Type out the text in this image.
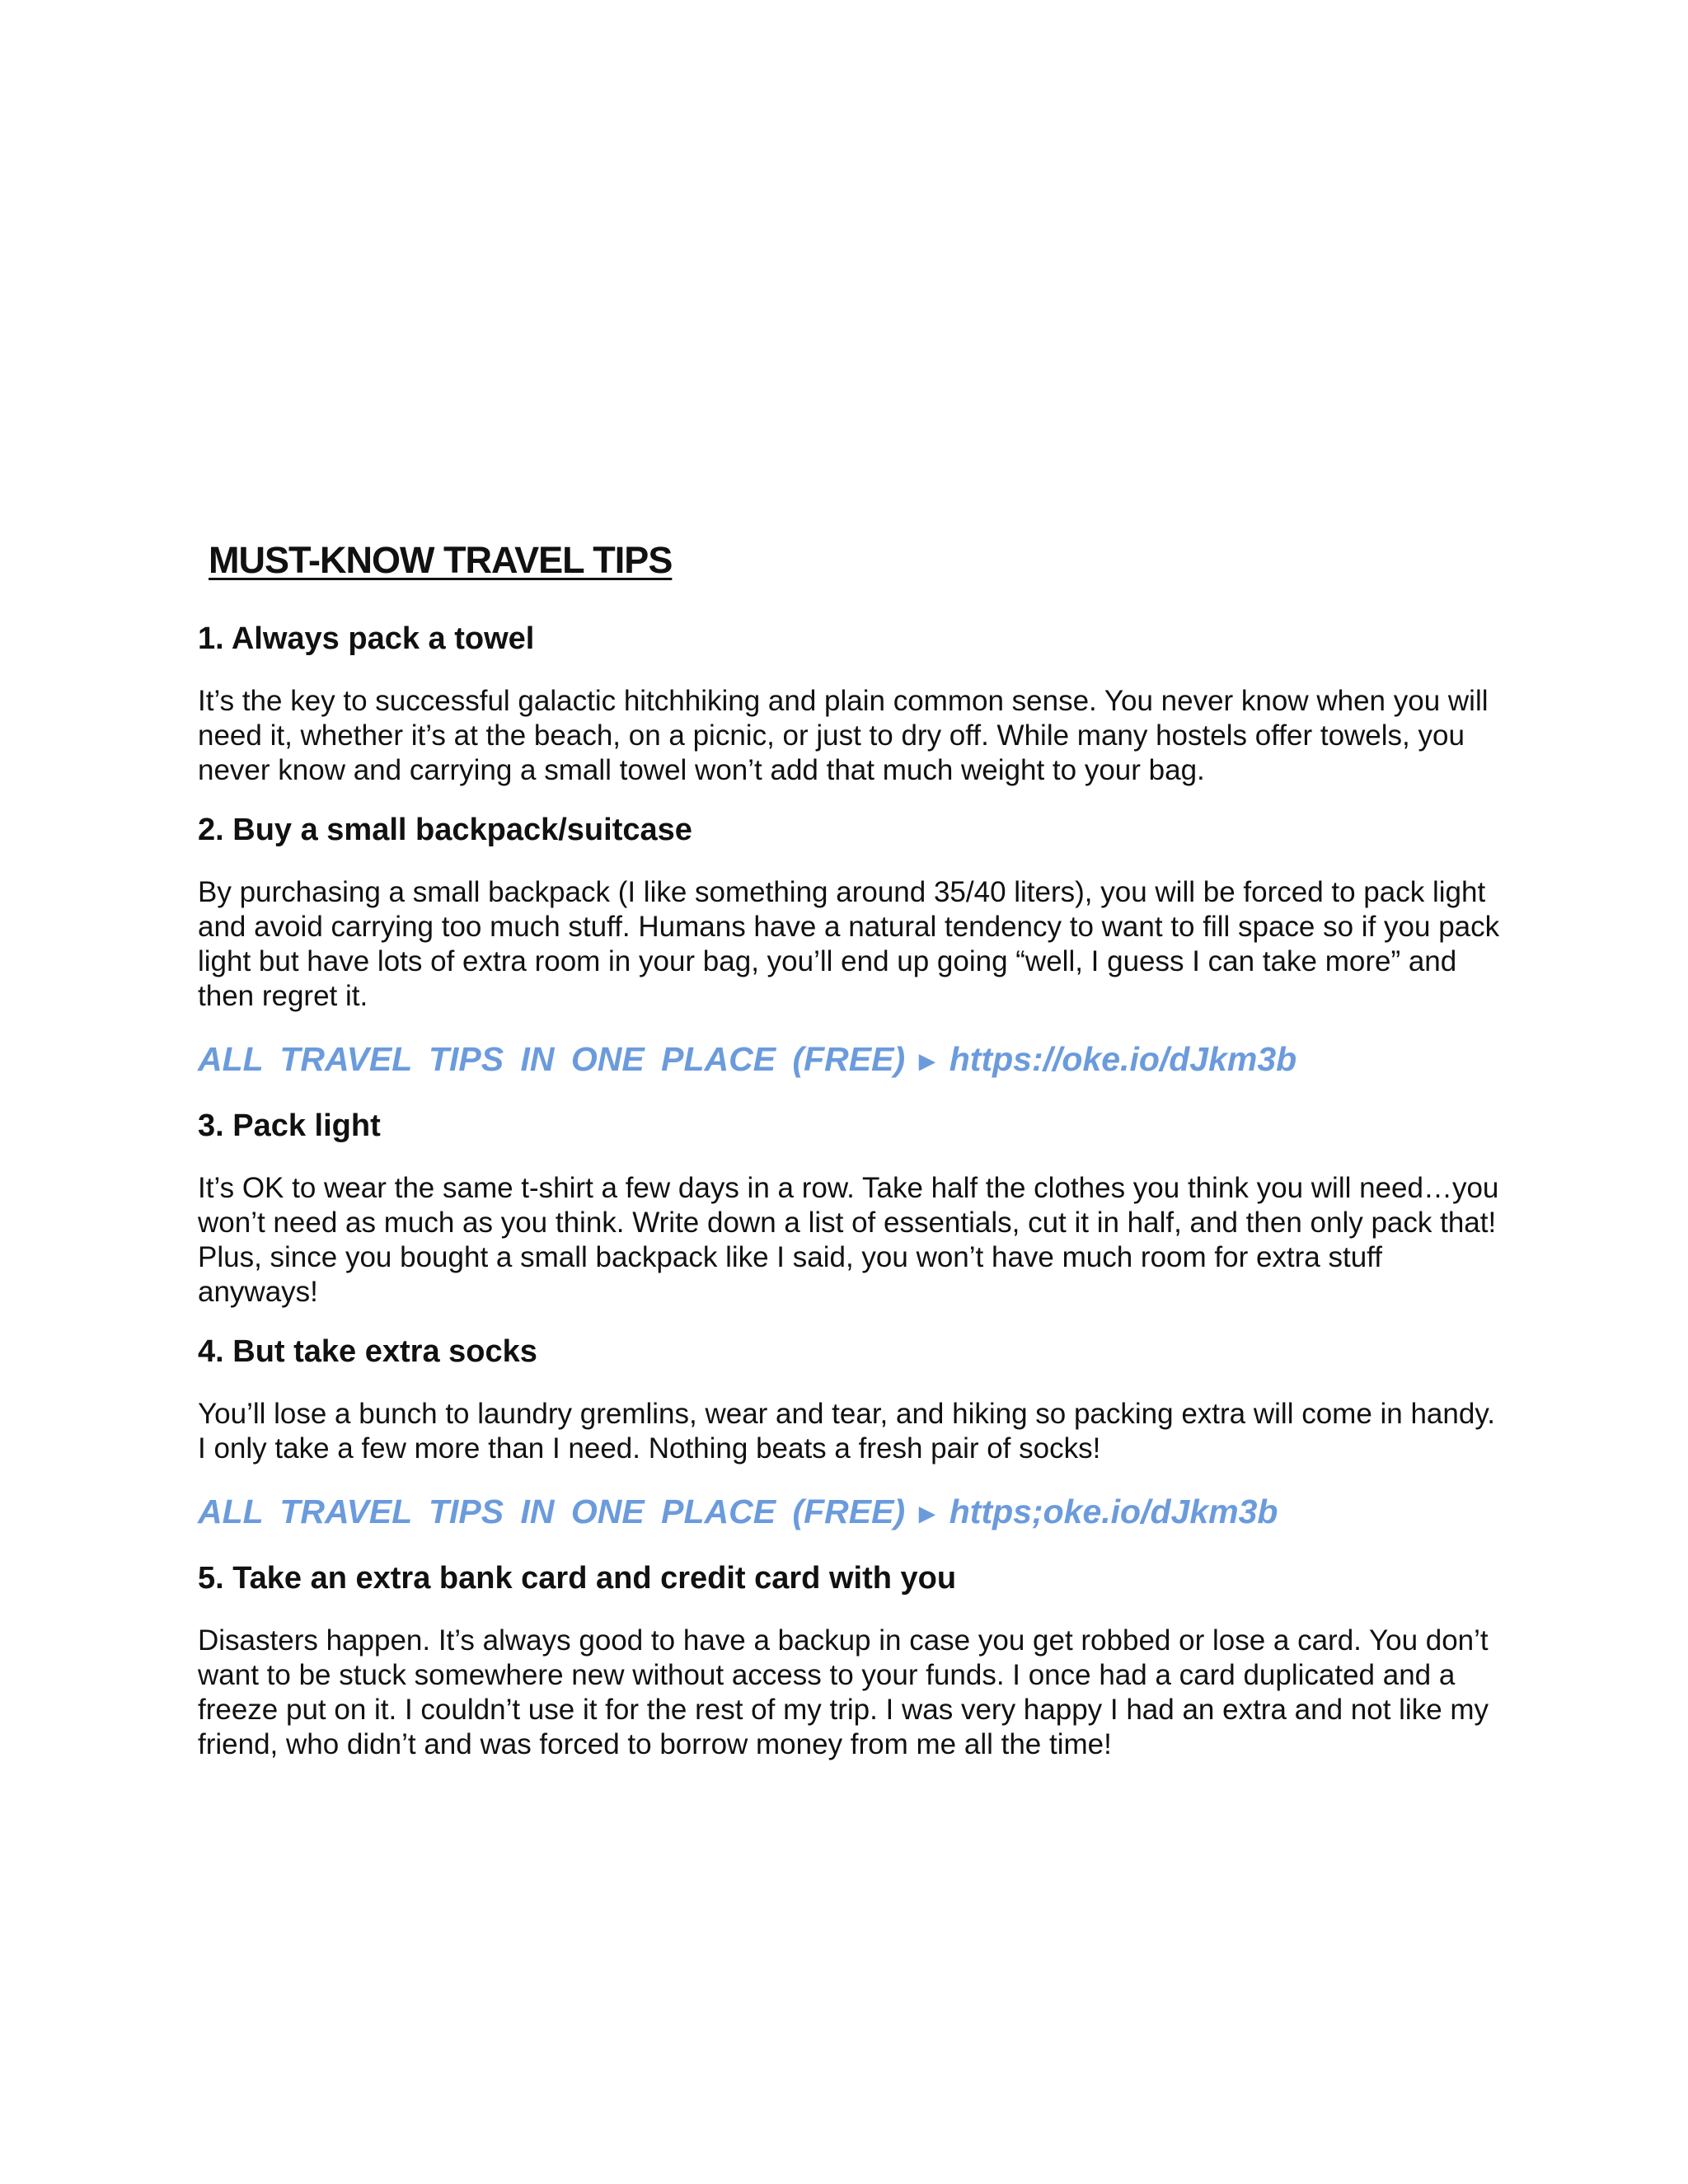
MUST-KNOW TRAVEL TIPS
1. Always pack a towel

It’s the key to successful galactic hitchhiking and plain common sense. You never know when you will need it, whether it’s at the beach, on a picnic, or just to dry off. While many hostels offer towels, you never know and carrying a small towel won’t add that much weight to your bag.

2. Buy a small backpack/suitcase

By purchasing a small backpack (I like something around 35/40 liters), you will be forced to pack light and avoid carrying too much stuff. Humans have a natural tendency to want to fill space so if you pack light but have lots of extra room in your bag, you’ll end up going “well, I guess I can take more” and then regret it.

ALL TRAVEL TIPS IN ONE PLACE (FREE) ► https://oke.io/dJkm3b

3. Pack light

It’s OK to wear the same t-shirt a few days in a row. Take half the clothes you think you will need…you won’t need as much as you think. Write down a list of essentials, cut it in half, and then only pack that! Plus, since you bought a small backpack like I said, you won’t have much room for extra stuff anyways!

4. But take extra socks

You’ll lose a bunch to laundry gremlins, wear and tear, and hiking so packing extra will come in handy. I only take a few more than I need. Nothing beats a fresh pair of socks!

ALL TRAVEL TIPS IN ONE PLACE (FREE) ► https;oke.io/dJkm3b

5. Take an extra bank card and credit card with you

Disasters happen. It’s always good to have a backup in case you get robbed or lose a card. You don’t want to be stuck somewhere new without access to your funds. I once had a card duplicated and a freeze put on it. I couldn’t use it for the rest of my trip. I was very happy I had an extra and not like my friend, who didn’t and was forced to borrow money from me all the time!
